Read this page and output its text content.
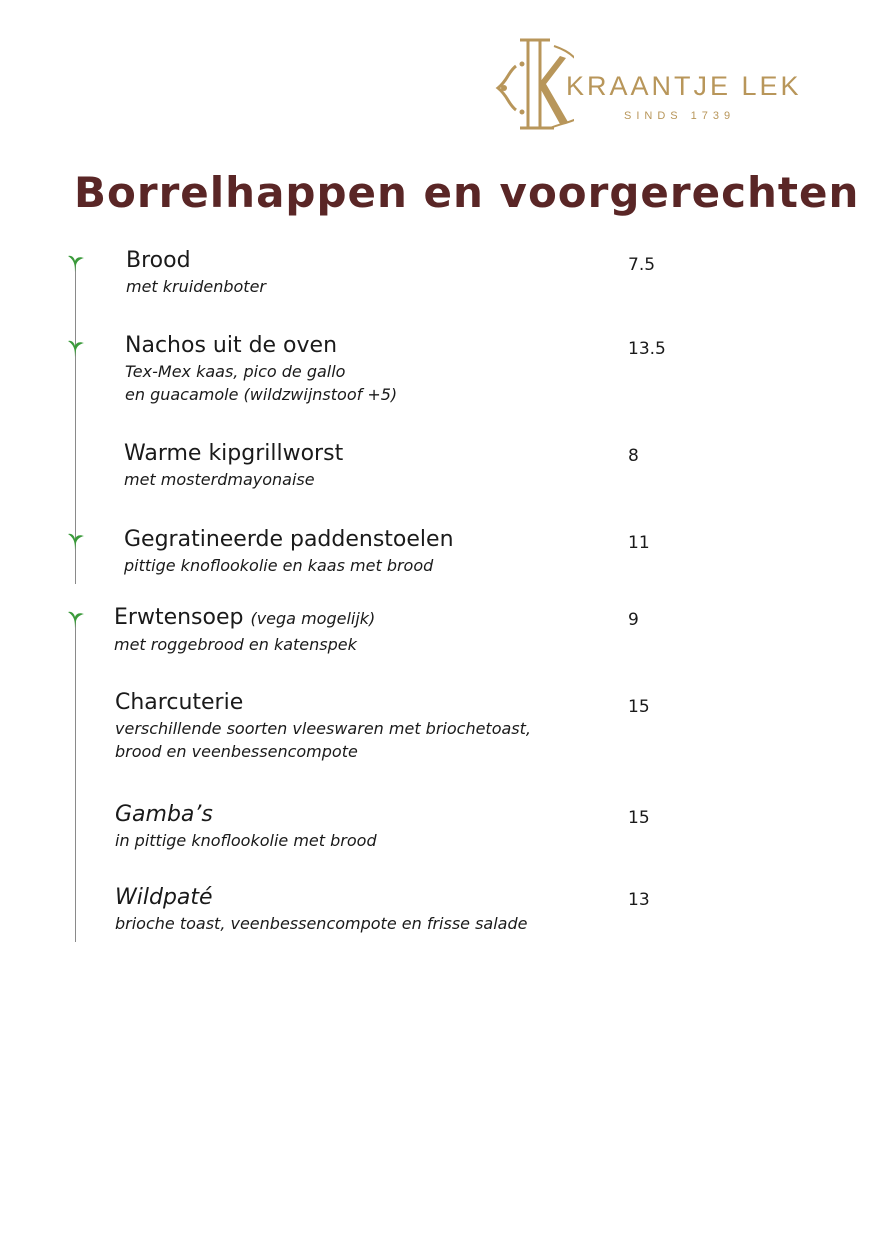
KRAANTJE LEK
SINDS 1739
Borrelhappen en voorgerechten
Brood
met kruidenboter
7.5
Nachos uit de oven
Tex-Mex kaas, pico de gallo
en guacamole (wildzwijnstoof +5)
13.5
Warme kipgrillworst
met mosterdmayonaise
8
Gegratineerde paddenstoelen
pittige knoflookolie en kaas met brood
11
Erwtensoep (vega mogelijk)
met roggebrood en katenspek
9
Charcuterie
verschillende soorten vleeswaren met briochetoast,
brood en veenbessencompote
15
Gamba’s
in pittige knoflookolie met brood
15
Wildpaté
brioche toast, veenbessencompote en frisse salade
13
